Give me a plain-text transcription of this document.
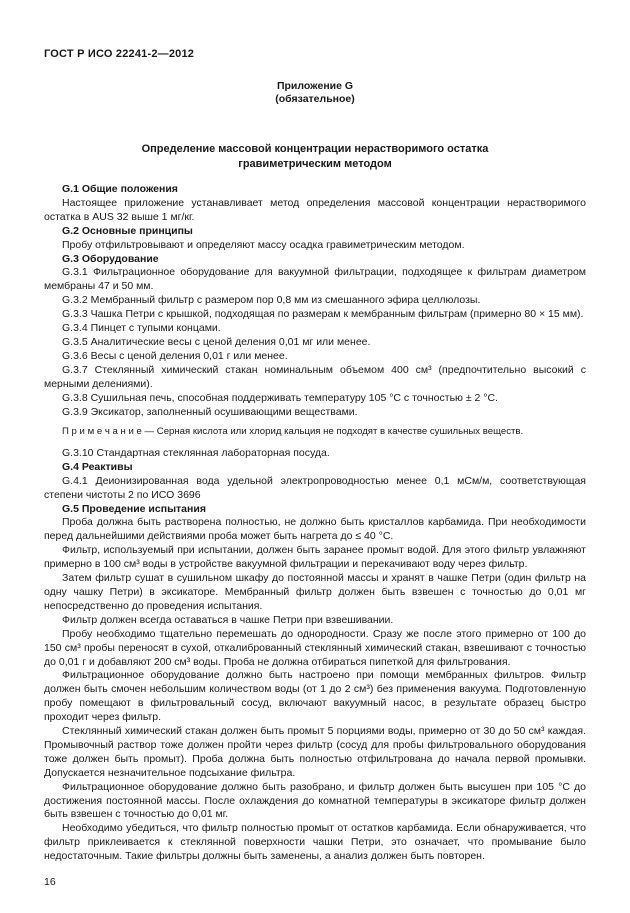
ГОСТ Р ИСО 22241-2—2012
Приложение G
(обязательное)
Определение массовой концентрации нерастворимого остатка
гравиметрическим методом

G.1 Общие положения

Настоящее приложение устанавливает метод определения массовой концентрации нерастворимого остатка в AUS 32 выше 1 мг/кг.

G.2 Основные принципы

Пробу отфильтровывают и определяют массу осадка гравиметрическим методом.

G.3 Оборудование

G.3.1 Фильтрационное оборудование для вакуумной фильтрации, подходящее к фильтрам диаметром мембраны 47 и 50 мм.

G.3.2 Мембранный фильтр с размером пор 0,8 мм из смешанного эфира целлюлозы.

G.3.3 Чашка Петри с крышкой, подходящая по размерам к мембранным фильтрам (примерно 80 × 15 мм).

G.3.4 Пинцет с тупыми концами.

G.3.5 Аналитические весы с ценой деления 0,01 мг или менее.

G.3.6 Весы с ценой деления 0,01 г или менее.

G.3.7 Стеклянный химический стакан номинальным объемом 400 см³ (предпочтительно высокий с мерными делениями).

G.3.8 Сушильная печь, способная поддерживать температуру 105 °С с точностью ± 2 °С.

G.3.9 Эксикатор, заполненный осушивающими веществами.

П р и м е ч а н и е — Серная кислота или хлорид кальция не подходят в качестве сушильных веществ.

G.3.10 Стандартная стеклянная лабораторная посуда.

G.4 Реактивы

G.4.1 Деионизированная вода удельной электропроводностью менее 0,1 мСм/м, соответствующая степени чистоты 2 по ИСО 3696

G.5 Проведение испытания

Проба должна быть растворена полностью, не должно быть кристаллов карбамида. При необходимости перед дальнейшими действиями проба может быть нагрета до ≤ 40 °С.

Фильтр, используемый при испытании, должен быть заранее промыт водой. Для этого фильтр увлажняют примерно в 100 см³ воды в устройстве вакуумной фильтрации и перекачивают воду через фильтр.

Затем фильтр сушат в сушильном шкафу до постоянной массы и хранят в чашке Петри (один фильтр на одну чашку Петри) в эксикаторе. Мембранный фильтр должен быть взвешен с точностью до 0,01 мг непосредственно до проведения испытания.

Фильтр должен всегда оставаться в чашке Петри при взвешивании.

Пробу необходимо тщательно перемешать до однородности. Сразу же после этого примерно от 100 до 150 см³ пробы переносят в сухой, откалиброванный стеклянный химический стакан, взвешивают с точностью до 0,01 г и добавляют 200 см³ воды. Проба не должна отбираться пипеткой для фильтрования.

Фильтрационное оборудование должно быть настроено при помощи мембранных фильтров. Фильтр должен быть смочен небольшим количеством воды (от 1 до 2 см³) без применения вакуума. Подготовленную пробу помещают в фильтровальный сосуд, включают вакуумный насос, в результате образец быстро проходит через фильтр.

Стеклянный химический стакан должен быть промыт 5 порциями воды, примерно от 30 до 50 см³ каждая. Промывочный раствор тоже должен пройти через фильтр (сосуд для пробы фильтровального оборудования тоже должен быть промыт). Проба должна быть полностью отфильтрована до начала первой промывки. Допускается незначительное подсыхание фильтра.

Фильтрационное оборудование должно быть разобрано, и фильтр должен быть высушен при 105 °С до достижения постоянной массы. После охлаждения до комнатной температуры в эксикаторе фильтр должен быть взвешен с точностью до 0,01 мг.

Необходимо убедиться, что фильтр полностью промыт от остатков карбамида. Если обнаруживается, что фильтр приклеивается к стеклянной поверхности чашки Петри, это означает, что промывание было недостаточным. Такие фильтры должны быть заменены, а анализ должен быть повторен.

16
